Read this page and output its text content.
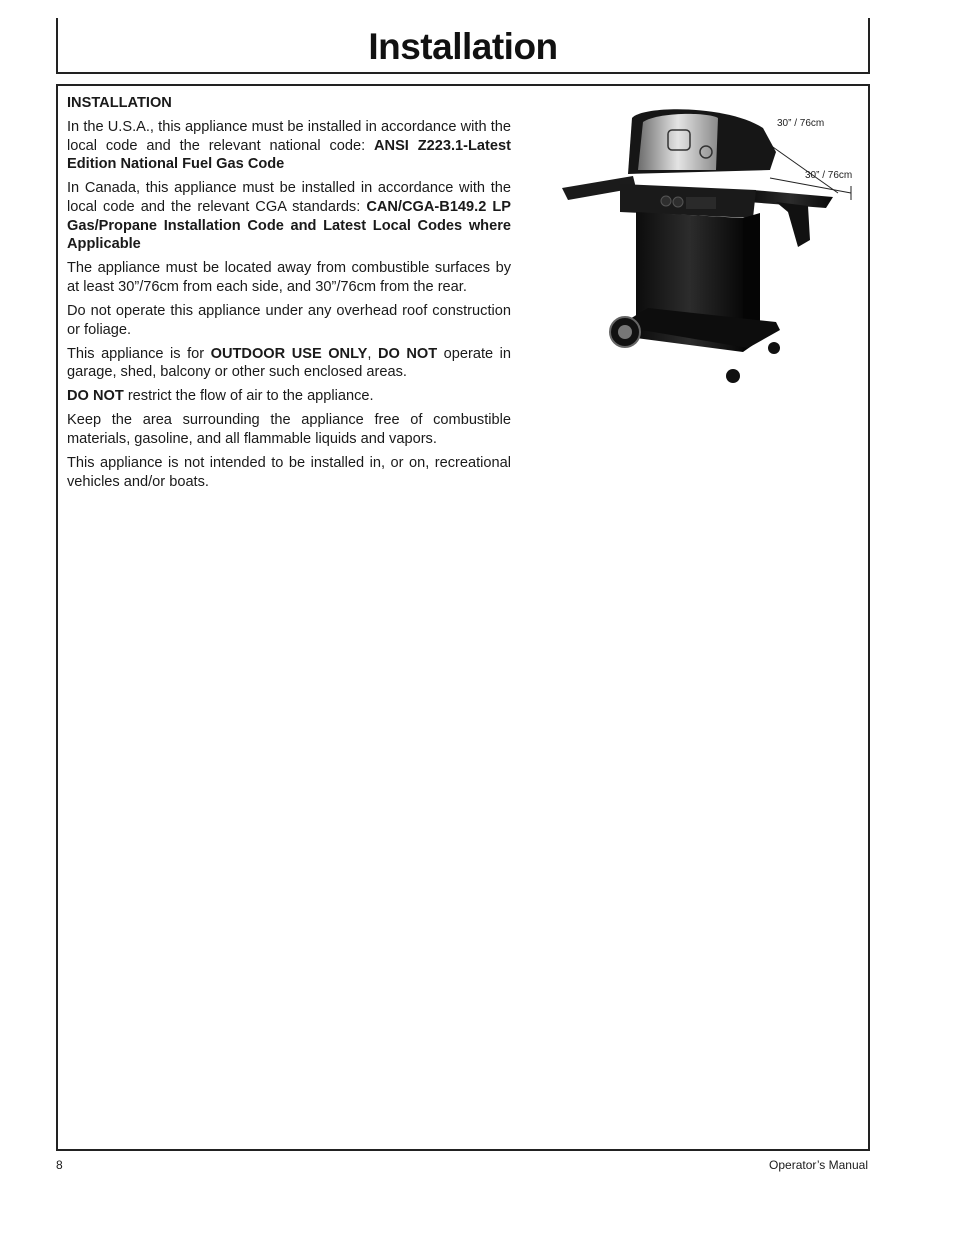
Installation

INSTALLATION

In the U.S.A., this appliance must be installed in accordance with the local code and the relevant national code: ANSI Z223.1-Latest Edition National Fuel Gas Code

In Canada, this appliance must be installed in accordance with the local code and the relevant CGA standards: CAN/CGA-B149.2 LP Gas/Propane Installation Code and Latest Local Codes where Applicable

The appliance must be located away from combustible surfaces by at least 30”/76cm from each side, and 30”/76cm from the rear.

Do not operate this appliance under any overhead roof construction or foliage.

This appliance is for OUTDOOR USE ONLY, DO NOT operate in garage, shed, balcony or other such enclosed areas.

DO NOT restrict the flow of air to the appliance.

Keep the area surrounding the appliance free of combustible materials, gasoline, and all flammable liquids and vapors.

This appliance is not intended to be installed in, or on, recreational vehicles and/or boats.

30” / 76cm
30” / 76cm
8	Operator’s Manual
